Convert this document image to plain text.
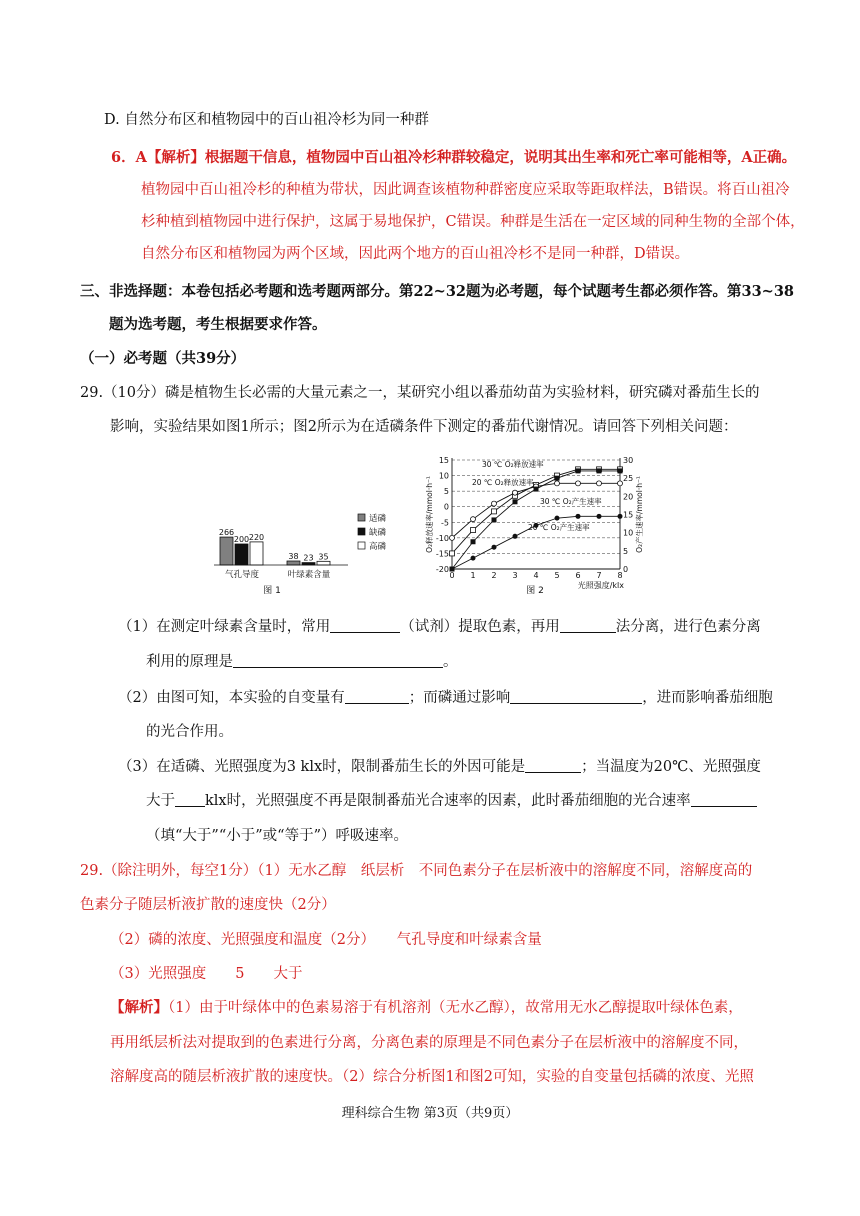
D. 自然分布区和植物园中的百山祖冷杉为同一种群
6．A【解析】根据题干信息，植物园中百山祖冷杉种群较稳定，说明其出生率和死亡率可能相等，A正确。
植物园中百山祖冷杉的种植为带状，因此调查该植物种群密度应采取等距取样法，B错误。将百山祖冷
杉种植到植物园中进行保护，这属于易地保护，C错误。种群是生活在一定区域的同种生物的全部个体，
自然分布区和植物园为两个区域，因此两个地方的百山祖冷杉不是同一种群，D错误。
三、非选择题：本卷包括必考题和选考题两部分。第22~32题为必考题，每个试题考生都必须作答。第33~38
题为选考题，考生根据要求作答。
（一）必考题（共39分）
29.（10分）磷是植物生长必需的大量元素之一，某研究小组以番茄幼苗为实验材料，研究磷对番茄生长的
影响，实验结果如图1所示；图2所示为在适磷条件下测定的番茄代谢情况。请回答下列相关问题：
266
200 220
气孔导度
38 23 35
叶绿素含量
适磷
缺磷
高磷
图 1
15
10
5
0
-5
-10
-15
-20
30
25
20
15
10
5
0
0 1 2 3 4 5 6 7 8
O₂释放速率/mmol·h⁻¹	O₂产生速率/mmol·h⁻¹
光照强度/klx
图 2
30 ℃ O₂释放速率
20 ℃ O₂释放速率
30 ℃ O₂产生速率
20 ℃ O₂产生速率
（1）在测定叶绿素含量时，常用	（试剂）提取色素，再用	法分离，进行色素分离
利用的原理是	。
（2）由图可知，本实验的自变量有	；而磷通过影响	，进而影响番茄细胞
的光合作用。
（3）在适磷、光照强度为3 klx时，限制番茄生长的外因可能是	；当温度为20℃、光照强度
大于 klx时，光照强度不再是限制番茄光合速率的因素，此时番茄细胞的光合速率
（填“大于”“小于”或“等于”）呼吸速率。
29.（除注明外，每空1分）（1）无水乙醇　纸层析　不同色素分子在层析液中的溶解度不同，溶解度高的
色素分子随层析液扩散的速度快（2分）
（2）磷的浓度、光照强度和温度（2分）　　气孔导度和叶绿素含量
（3）光照强度　　5　　大于
【解析】（1）由于叶绿体中的色素易溶于有机溶剂（无水乙醇），故常用无水乙醇提取叶绿体色素，
再用纸层析法对提取到的色素进行分离，分离色素的原理是不同色素分子在层析液中的溶解度不同，
溶解度高的随层析液扩散的速度快。（2）综合分析图1和图2可知，实验的自变量包括磷的浓度、光照
理科综合生物 第3页（共9页）
